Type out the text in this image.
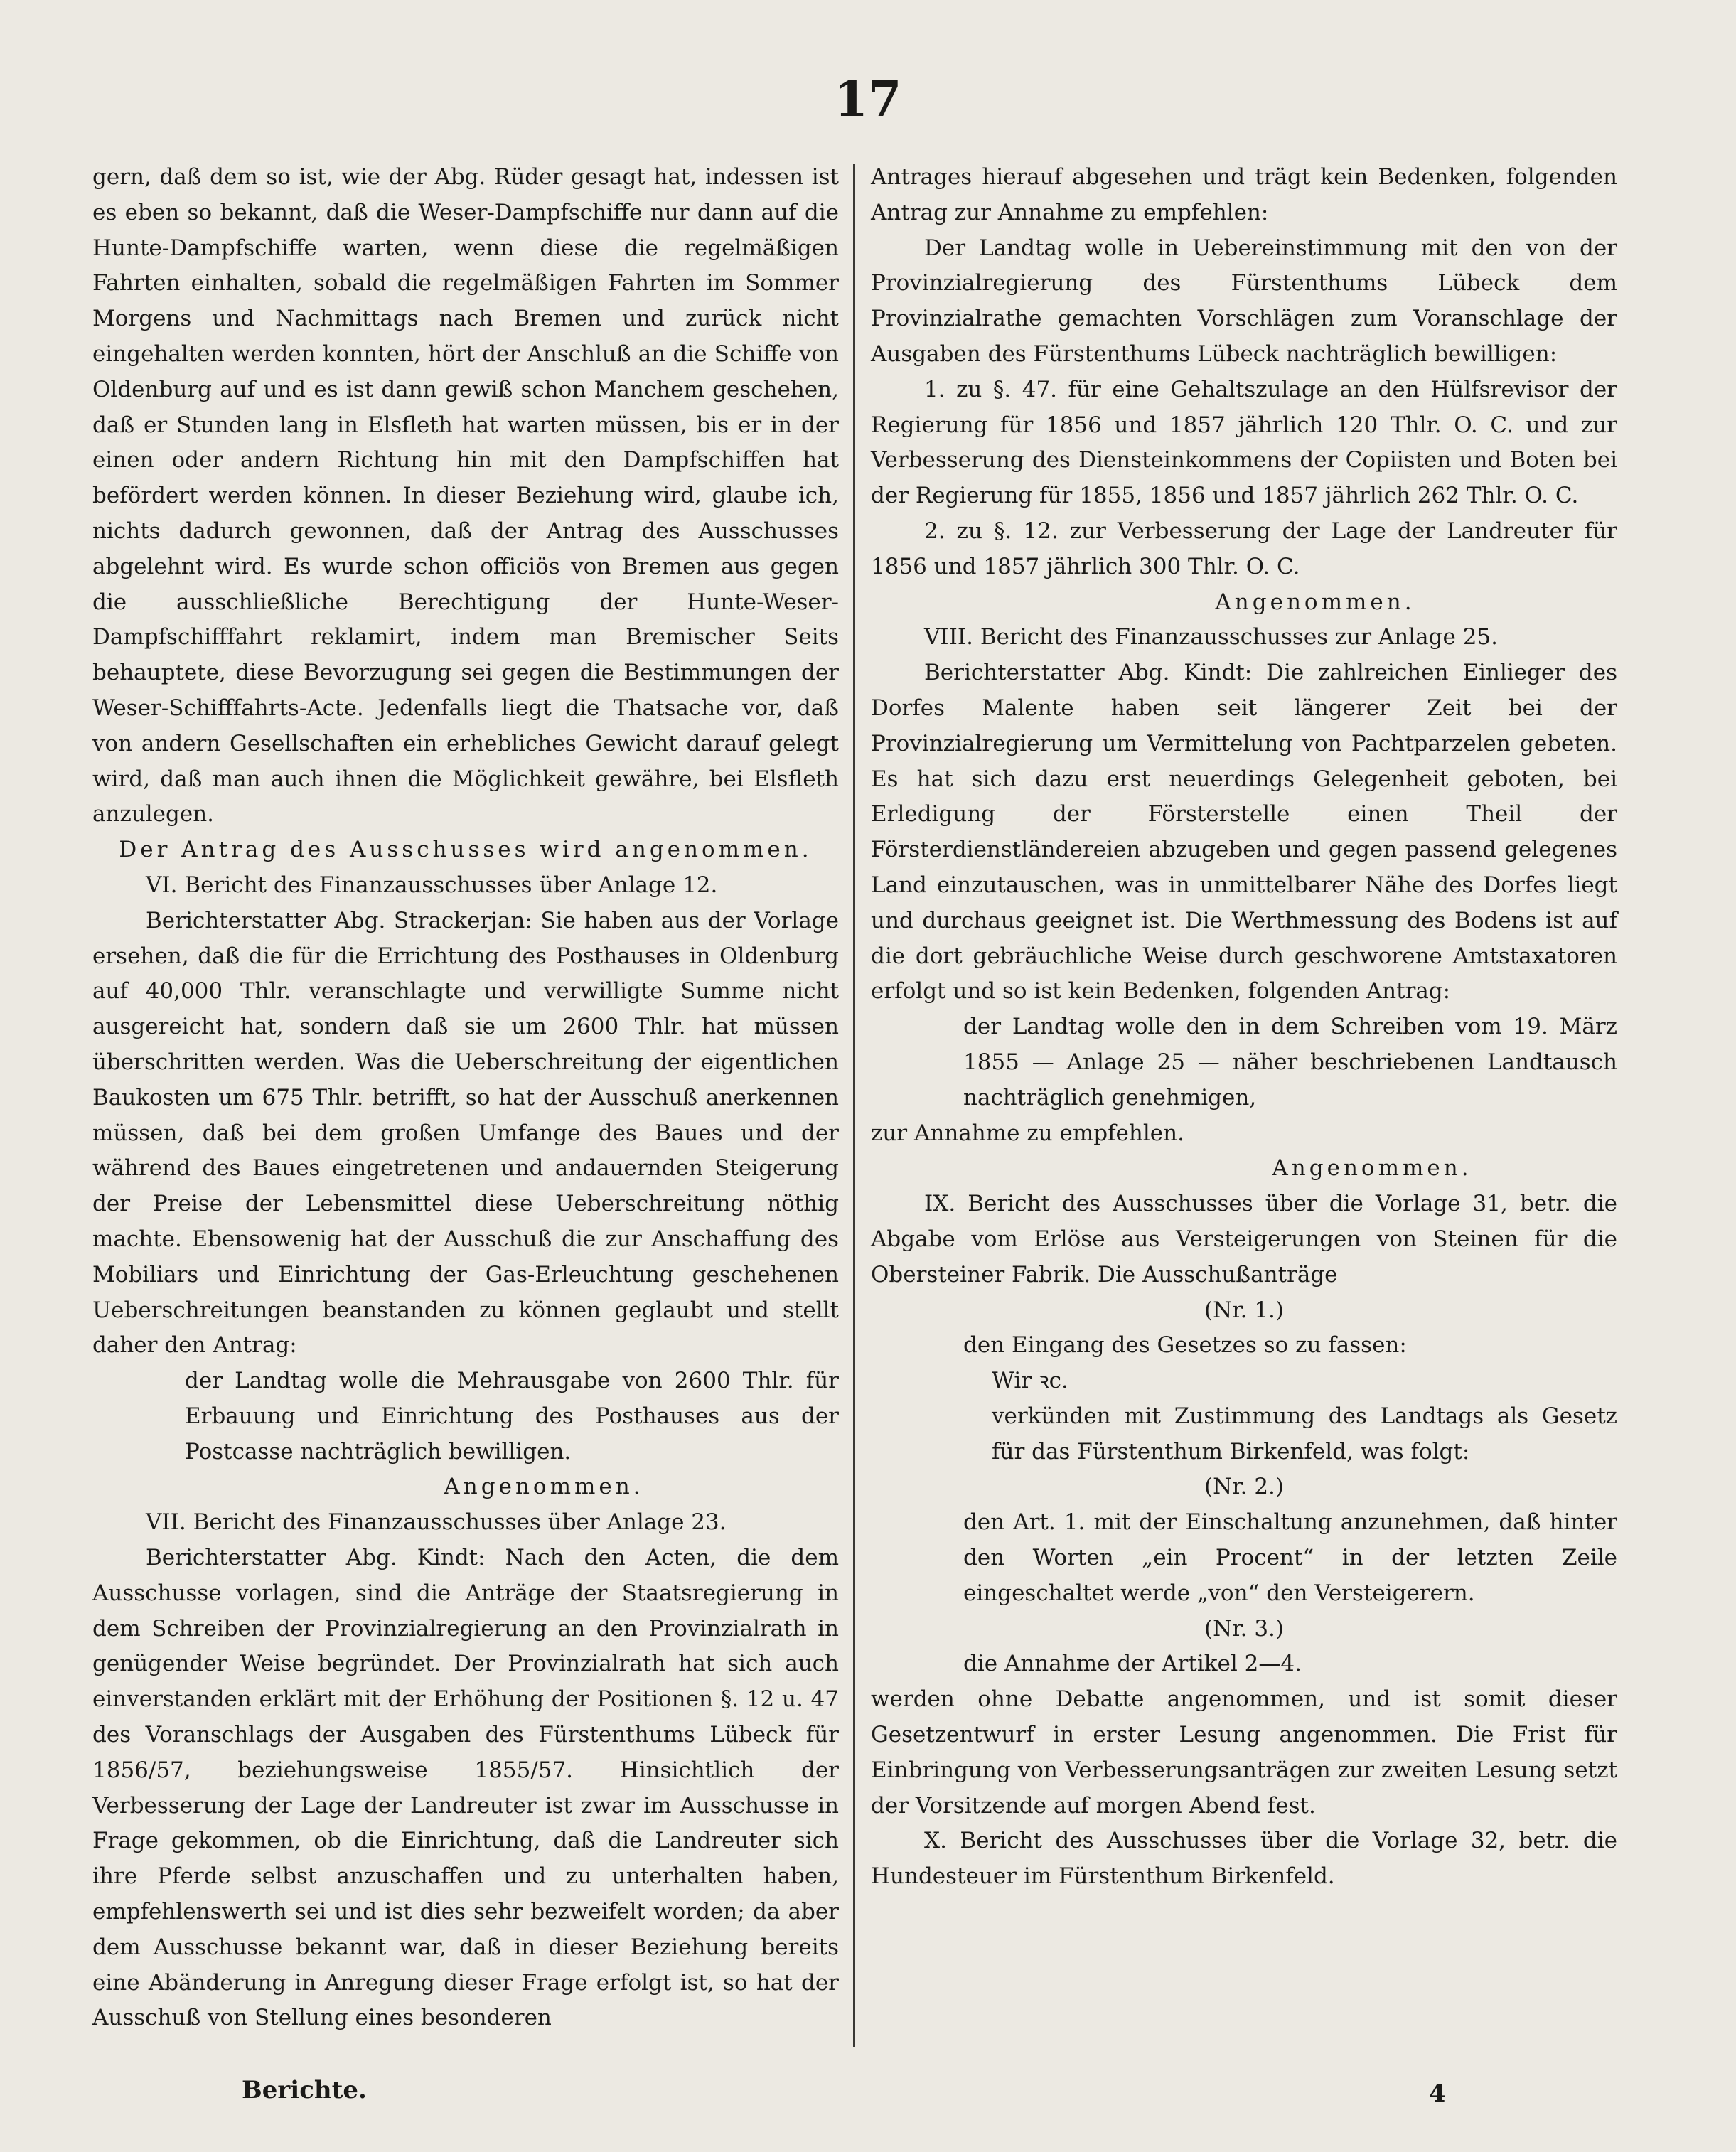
17

gern, daß dem so ist, wie der Abg. Rüder gesagt hat, indessen ist es eben so bekannt, daß die Weser-Dampfschiffe nur dann auf die Hunte-Dampfschiffe warten, wenn diese die regelmäßigen Fahrten einhalten, sobald die regelmäßigen Fahrten im Sommer Morgens und Nachmittags nach Bremen und zurück nicht eingehalten werden konnten, hört der Anschluß an die Schiffe von Oldenburg auf und es ist dann gewiß schon Manchem geschehen, daß er Stunden lang in Elsfleth hat warten müssen, bis er in der einen oder andern Richtung hin mit den Dampfschiffen hat befördert werden können. In dieser Beziehung wird, glaube ich, nichts dadurch gewonnen, daß der Antrag des Ausschusses abgelehnt wird. Es wurde schon officiös von Bremen aus gegen die ausschließliche Berechtigung der Hunte-Weser-Dampfschifffahrt reklamirt, indem man Bremischer Seits behauptete, diese Bevorzugung sei gegen die Bestimmungen der Weser-Schifffahrts-Acte. Jedenfalls liegt die Thatsache vor, daß von andern Gesellschaften ein erhebliches Gewicht darauf gelegt wird, daß man auch ihnen die Möglichkeit gewähre, bei Elsfleth anzulegen.

Der Antrag des Ausschusses wird angenommen.

VI. Bericht des Finanzausschusses über Anlage 12.

Berichterstatter Abg. Strackerjan: Sie haben aus der Vorlage ersehen, daß die für die Errichtung des Posthauses in Oldenburg auf 40,000 Thlr. veranschlagte und verwilligte Summe nicht ausgereicht hat, sondern daß sie um 2600 Thlr. hat müssen überschritten werden. Was die Ueberschreitung der eigentlichen Baukosten um 675 Thlr. betrifft, so hat der Ausschuß anerkennen müssen, daß bei dem großen Umfange des Baues und der während des Baues eingetretenen und andauernden Steigerung der Preise der Lebensmittel diese Ueberschreitung nöthig machte. Ebensowenig hat der Ausschuß die zur Anschaffung des Mobiliars und Einrichtung der Gas-Erleuchtung geschehenen Ueberschreitungen beanstanden zu können geglaubt und stellt daher den Antrag:

der Landtag wolle die Mehrausgabe von 2600 Thlr. für Erbauung und Einrichtung des Posthauses aus der Postcasse nachträglich bewilligen.

Angenommen.

VII. Bericht des Finanzausschusses über Anlage 23.

Berichterstatter Abg. Kindt: Nach den Acten, die dem Ausschusse vorlagen, sind die Anträge der Staatsregierung in dem Schreiben der Provinzialregierung an den Provinzialrath in genügender Weise begründet. Der Provinzialrath hat sich auch einverstanden erklärt mit der Erhöhung der Positionen §. 12 u. 47 des Voranschlags der Ausgaben des Fürstenthums Lübeck für 1856/57, beziehungsweise 1855/57. Hinsichtlich der Verbesserung der Lage der Landreuter ist zwar im Ausschusse in Frage gekommen, ob die Einrichtung, daß die Landreuter sich ihre Pferde selbst anzuschaffen und zu unterhalten haben, empfehlenswerth sei und ist dies sehr bezweifelt worden; da aber dem Ausschusse bekannt war, daß in dieser Beziehung bereits eine Abänderung in Anregung dieser Frage erfolgt ist, so hat der Ausschuß von Stellung eines besonderen

Antrages hierauf abgesehen und trägt kein Bedenken, folgenden Antrag zur Annahme zu empfehlen:

Der Landtag wolle in Uebereinstimmung mit den von der Provinzialregierung des Fürstenthums Lübeck dem Provinzialrathe gemachten Vorschlägen zum Voranschlage der Ausgaben des Fürstenthums Lübeck nachträglich bewilligen:

1. zu §. 47. für eine Gehaltszulage an den Hülfsrevisor der Regierung für 1856 und 1857 jährlich 120 Thlr. O. C. und zur Verbesserung des Diensteinkommens der Copiisten und Boten bei der Regierung für 1855, 1856 und 1857 jährlich 262 Thlr. O. C.

2. zu §. 12. zur Verbesserung der Lage der Landreuter für 1856 und 1857 jährlich 300 Thlr. O. C.

Angenommen.

VIII. Bericht des Finanzausschusses zur Anlage 25.

Berichterstatter Abg. Kindt: Die zahlreichen Einlieger des Dorfes Malente haben seit längerer Zeit bei der Provinzialregierung um Vermittelung von Pachtparzelen gebeten. Es hat sich dazu erst neuerdings Gelegenheit geboten, bei Erledigung der Försterstelle einen Theil der Försterdienstländereien abzugeben und gegen passend gelegenes Land einzutauschen, was in unmittelbarer Nähe des Dorfes liegt und durchaus geeignet ist. Die Werthmessung des Bodens ist auf die dort gebräuchliche Weise durch geschworene Amtstaxatoren erfolgt und so ist kein Bedenken, folgenden Antrag:

der Landtag wolle den in dem Schreiben vom 19. März 1855 — Anlage 25 — näher beschriebenen Landtausch nachträglich genehmigen,

zur Annahme zu empfehlen.

Angenommen.

IX. Bericht des Ausschusses über die Vorlage 31, betr. die Abgabe vom Erlöse aus Versteigerungen von Steinen für die Obersteiner Fabrik. Die Ausschußanträge

(Nr. 1.)

den Eingang des Gesetzes so zu fassen:

Wir ꝛc.

verkünden mit Zustimmung des Landtags als Gesetz für das Fürstenthum Birkenfeld, was folgt:

(Nr. 2.)

den Art. 1. mit der Einschaltung anzunehmen, daß hinter den Worten „ein Procent“ in der letzten Zeile eingeschaltet werde „von“ den Versteigerern.

(Nr. 3.)

die Annahme der Artikel 2—4.

werden ohne Debatte angenommen, und ist somit dieser Gesetzentwurf in erster Lesung angenommen. Die Frist für Einbringung von Verbesserungsanträgen zur zweiten Lesung setzt der Vorsitzende auf morgen Abend fest.

X. Bericht des Ausschusses über die Vorlage 32, betr. die Hundesteuer im Fürstenthum Birkenfeld.

Berichte.	4
